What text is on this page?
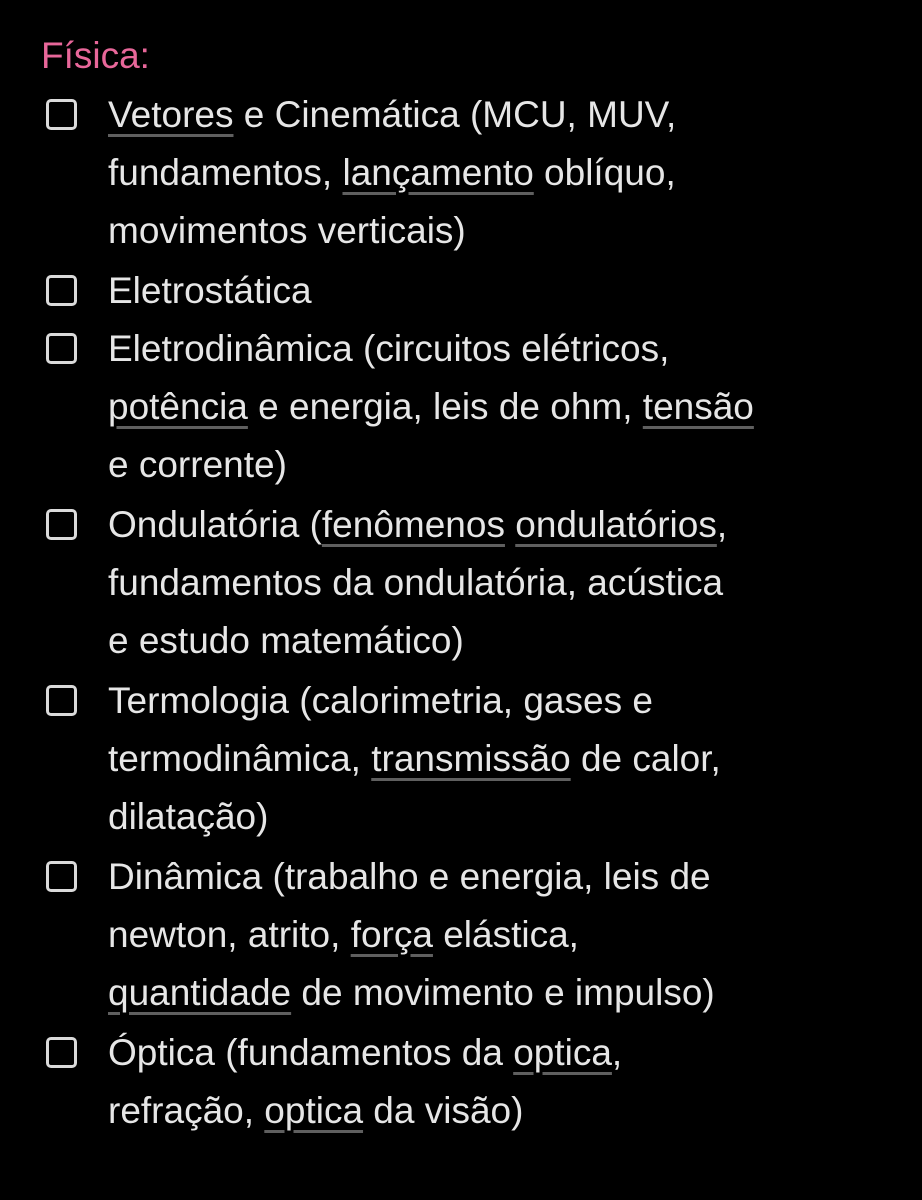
Física:
Vetores e Cinemática (MCU, MUV,
fundamentos, lançamento oblíquo,
movimentos verticais)
Eletrostática
Eletrodinâmica (circuitos elétricos,
potência e energia, leis de ohm, tensão
e corrente)
Ondulatória (fenômenos ondulatórios,
fundamentos da ondulatória, acústica
e estudo matemático)
Termologia (calorimetria, gases e
termodinâmica, transmissão de calor,
dilatação)
Dinâmica (trabalho e energia, leis de
newton, atrito, força elástica,
quantidade de movimento e impulso)
Óptica (fundamentos da optica,
refração, optica da visão)
